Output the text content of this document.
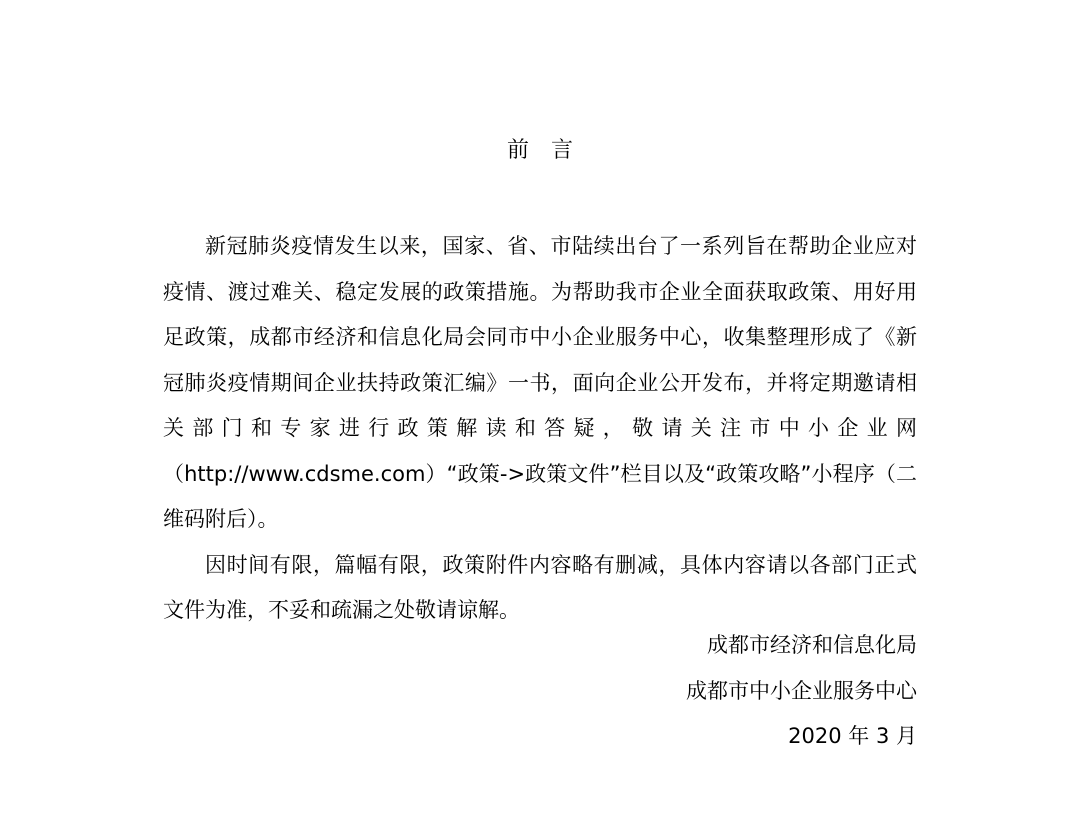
前 言

新冠肺炎疫情发生以来，国家、省、市陆续出台了一系列旨在帮助企业应对疫情、渡过难关、稳定发展的政策措施。为帮助我市企业全面获取政策、用好用足政策，成都市经济和信息化局会同市中小企业服务中心，收集整理形成了《新冠肺炎疫情期间企业扶持政策汇编》一书，面向企业公开发布，并将定期邀请相关部门和专家进行政策解读和答疑，敬请关注市中小企业网（http://www.cdsme.com）“政策->政策文件”栏目以及“政策攻略”小程序（二维码附后）。

因时间有限，篇幅有限，政策附件内容略有删减，具体内容请以各部门正式文件为准，不妥和疏漏之处敬请谅解。

成都市经济和信息化局
成都市中小企业服务中心
2020 年 3 月
